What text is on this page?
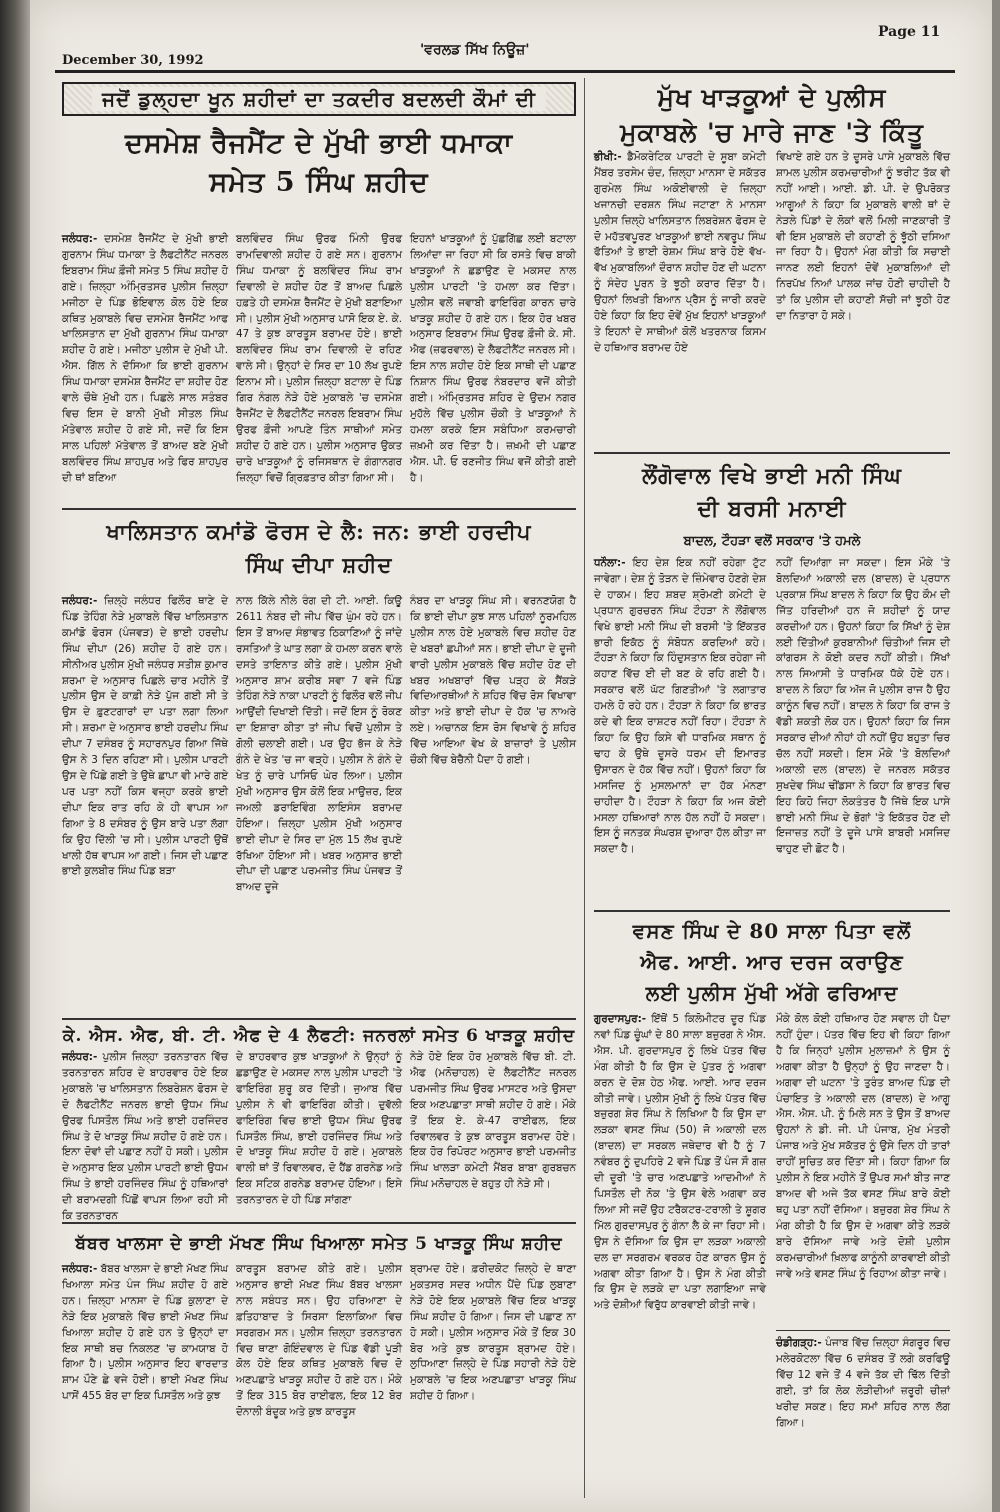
December 30, 1992
'ਵਰਲਡ ਸਿੱਖ ਨਿਊਜ਼'
Page 11
ਜਦੋਂ ਡੁਲ੍ਹਦਾ ਖੂਨ ਸ਼ਹੀਦਾਂ ਦਾ ਤਕਦੀਰ ਬਦਲਦੀ ਕੌਮਾਂ ਦੀ
ਦਸਮੇਸ਼ ਰੈਜਮੈਂਟ ਦੇ ਮੁੱਖੀ ਭਾਈ ਧਮਾਕਾ
ਸਮੇਤ 5 ਸਿੰਘ ਸ਼ਹੀਦ
ਜਲੰਧਰ:- ਦਸਮੇਸ਼ ਰੈਜਮੈਂਟ ਦੇ ਮੁੱਖੀ ਭਾਈ ਗੁਰਨਾਮ ਸਿੰਘ ਧਮਾਕਾ ਤੇ ਲੈਫਟੀਨੈਂਟ ਜਨਰਲ ਇਬਰਾਮ ਸਿੰਘ ਫ਼ੌਜੀ ਸਮੇਤ 5 ਸਿੰਘ ਸ਼ਹੀਦ ਹੋ ਗਏ। ਜ਼ਿਲ੍ਹਾ ਅੰਮ੍ਰਿਤਸਰ ਪੁਲੀਸ ਜ਼ਿਲ੍ਹਾ ਮਜੀਠਾ ਦੇ ਪਿੰਡ ਭੋਇਵਾਲ ਕੋਲ ਹੋਏ ਇਕ ਕਥਿਤ ਮੁਕਾਬਲੇ ਵਿਚ ਦਸਮੇਸ਼ ਰੈਜਮੈਂਟ ਆਫ ਖਾਲਿਸਤਾਨ ਦਾ ਮੁੱਖੀ ਗੁਰਨਾਮ ਸਿੰਘ ਧਮਾਕਾ ਸ਼ਹੀਦ ਹੋ ਗਏ। ਮਜੀਠਾ ਪੁਲੀਸ ਦੇ ਮੁੱਖੀ ਪੀ. ਐਸ. ਗਿੱਲ ਨੇ ਦੱਸਿਆ ਕਿ ਭਾਈ ਗੁਰਨਾਮ ਸਿੰਘ ਧਮਾਕਾ ਦਸਮੇਸ਼ ਰੈਜਮੈਂਟ ਦਾ ਸ਼ਹੀਦ ਹੋਣ ਵਾਲੇ ਚੌਥੇ ਮੁੱਖੀ ਹਨ। ਪਿਛਲੇ ਸਾਲ ਸਤੰਬਰ ਵਿਚ ਇਸ ਦੇ ਬਾਨੀ ਮੁੱਖੀ ਸੀਤਲ ਸਿੰਘ ਮੱਤੇਵਾਲ ਸ਼ਹੀਦ ਹੋ ਗਏ ਸੀ, ਜਦੋਂ ਕਿ ਇਸ ਸਾਲ ਪਹਿਲਾਂ ਮੱਤੇਵਾਲ ਤੋਂ ਬਾਅਦ ਬਣੇ ਮੁੱਖੀ ਬਲਵਿੰਦਰ ਸਿੰਘ ਸ਼ਾਹਪੁਰ ਅਤੇ ਫਿਰ ਸ਼ਾਹਪੁਰ ਦੀ ਥਾਂ ਬਣਿਆ
ਬਲਵਿੰਦਰ ਸਿੰਘ ਉਰਫ ਮਿੰਨੀ ਉਰਫ ਰਾਮਦਿਵਾਲੀ ਸ਼ਹੀਦ ਹੋ ਗਏ ਸਨ। ਗੁਰਨਾਮ ਸਿੰਘ ਧਮਾਕਾ ਨੂੰ ਬਲਵਿੰਦਰ ਸਿੰਘ ਰਾਮ ਦਿਵਾਲੀ ਦੇ ਸ਼ਹੀਦ ਹੋਣ ਤੋਂ ਬਾਅਦ ਪਿਛਲੇ ਹਫ਼ਤੇ ਹੀ ਦਸਮੇਸ਼ ਰੈਜਮੈਂਟ ਦੇ ਮੁੱਖੀ ਬਣਾਇਆ ਸੀ। ਪੁਲੀਸ ਮੁੱਖੀ ਅਨੁਸਾਰ ਪਾਸੋ ਇਕ ਏ. ਕੇ. 47 ਤੇ ਕੁਝ ਕਾਰਤੂਸ ਬਰਾਮਦ ਹੋਏ। ਭਾਈ ਬਲਵਿੰਦਰ ਸਿੰਘ ਰਾਮ ਦਿਵਾਲੀ ਦੇ ਰਹਿਣ ਵਾਲੇ ਸੀ। ਉਨ੍ਹਾਂ ਦੇ ਸਿਰ ਦਾ 10 ਲੱਖ ਰੁਪਏ ਇਨਾਮ ਸੀ। ਪੁਲੀਸ ਜ਼ਿਲ੍ਹਾ ਬਟਾਲਾ ਦੇ ਪਿੰਡ ਗਿਰ ਨੰਗਲ ਨੇੜੇ ਹੋਏ ਮੁਕਾਬਲੇ 'ਚ ਦਸਮੇਸ਼ ਰੈਜਮੈਂਟ ਦੇ ਲੈਫਟੀਨੈਂਟ ਜਨਰਲ ਇਬਰਾਮ ਸਿੰਘ ਉਰਫ ਫ਼ੌਜੀ ਆਪਣੇ ਤਿੰਨ ਸਾਥੀਆਂ ਸਮੇਤ ਸ਼ਹੀਦ ਹੋ ਗਏ ਹਨ। ਪੁਲੀਸ ਅਨੁਸਾਰ ਉਕਤ ਚਾਰੇ ਖਾੜਕੂਆਂ ਨੂੰ ਰਜਿਸਥਾਨ ਦੇ ਗੰਗਾਨਗਰ ਜ਼ਿਲ੍ਹਾ ਵਿਚੋਂ ਗ੍ਰਿਫ਼ਤਾਰ ਕੀਤਾ ਗਿਆ ਸੀ।
ਇਹਨਾਂ ਖਾੜਕੂਆਂ ਨੂੰ ਪੁੱਛਗਿੱਛ ਲਈ ਬਟਾਲਾ ਲਿਆਂਦਾ ਜਾ ਰਿਹਾ ਸੀ ਕਿ ਰਸਤੇ ਵਿਚ ਬਾਕੀ ਖਾੜਕੂਆਂ ਨੇ ਛਡਾਉਣ ਦੇ ਮਕਸਦ ਨਾਲ ਪੁਲੀਸ ਪਾਰਟੀ 'ਤੇ ਹਮਲਾ ਕਰ ਦਿੱਤਾ। ਪੁਲੀਸ ਵਲੋਂ ਜਵਾਬੀ ਫਾਇਰਿੰਗ ਕਾਰਨ ਚਾਰੇ ਖਾੜਕੂ ਸ਼ਹੀਦ ਹੋ ਗਏ ਹਨ। ਇਕ ਹੋਰ ਖਬਰ ਅਨੁਸਾਰ ਇਬਰਾਮ ਸਿੰਘ ਉਰਫ ਫ਼ੌਜੀ ਕੇ. ਸੀ. ਐਫ (ਜ਼ਫਰਵਾਲ) ਦੇ ਲੈਫਟੀਨੈਂਟ ਜਨਰਲ ਸੀ। ਇਸ ਨਾਲ ਸ਼ਹੀਦ ਹੋਏ ਇਕ ਸਾਥੀ ਦੀ ਪਛਾਣ ਨਿਸ਼ਾਨ ਸਿੰਘ ਉਰਫ ਨੰਬਰਦਾਰ ਵਜੋਂ ਕੀਤੀ ਗਈ। ਅੰਮ੍ਰਿਤਸਰ ਸ਼ਹਿਰ ਦੇ ਉਦਮ ਨਗਰ ਮੁਹੱਲੇ ਵਿੱਚ ਪੁਲੀਸ ਚੌਕੀ ਤੇ ਖਾੜਕੂਆਂ ਨੇ ਹਮਲਾ ਕਰਕੇ ਇਸ ਸਬੰਧਿਆ ਕਰਮਚਾਰੀ ਜ਼ਖ਼ਮੀ ਕਰ ਦਿੱਤਾ ਹੈ। ਜ਼ਖ਼ਮੀ ਦੀ ਪਛਾਣ ਐਸ. ਪੀ. ਓ ਰਣਜੀਤ ਸਿੰਘ ਵਜੋਂ ਕੀਤੀ ਗਈ ਹੈ।
ਖਾਲਿਸਤਾਨ ਕਮਾਂਡੋ ਫੋਰਸ ਦੇ ਲੈ: ਜਨ: ਭਾਈ ਹਰਦੀਪ
ਸਿੰਘ ਦੀਪਾ ਸ਼ਹੀਦ
ਜਲੰਧਰ:- ਜ਼ਿਲ੍ਹੇ ਜਲੰਧਰ ਫਿਲੌਰ ਥਾਣੇ ਦੇ ਪਿੰਡ ਤੇਹਿੰਗ ਨੇੜੇ ਮੁਕਾਬਲੇ ਵਿੱਚ ਖਾਲਿਸਤਾਨ ਕਮਾਂਡੋ ਫੋਰਸ (ਪੰਜਵੜ) ਦੇ ਭਾਈ ਹਰਦੀਪ ਸਿੰਘ ਦੀਪਾ (26) ਸ਼ਹੀਦ ਹੋ ਗਏ ਹਨ। ਸੀਨੀਅਰ ਪੁਲੀਸ ਮੁੱਖੀ ਜਲੰਧਰ ਸਤੀਸ਼ ਕੁਮਾਰ ਸ਼ਰਮਾ ਦੇ ਅਨੁਸਾਰ ਪਿਛਲੇ ਚਾਰ ਮਹੀਨੇ ਤੋਂ ਪੁਲੀਸ ਉਸ ਦੇ ਕਾਫ਼ੀ ਨੇੜੇ ਪੁੱਜ ਗਈ ਸੀ ਤੇ ਉਸ ਦੇ ਫ਼ੁਣਟਗਾਰਾਂ ਦਾ ਪਤਾ ਲਗਾ ਲਿਆ ਸੀ। ਸ਼ਰਮਾ ਦੇ ਅਨੁਸਾਰ ਭਾਈ ਹਰਦੀਪ ਸਿੰਘ ਦੀਪਾ 7 ਦਸੰਬਰ ਨੂੰ ਸਹਾਰਨਪੁਰ ਗਿਆ ਜਿੱਥੇ ਉਸ ਨੇ 3 ਦਿਨ ਰਹਿਣਾ ਸੀ। ਪੁਲੀਸ ਪਾਰਟੀ ਉਸ ਦੇ ਪਿੱਛੇ ਗਈ ਤੇ ਉਥੇ ਛਾਪਾ ਵੀ ਮਾਰੇ ਗਏ ਪਰ ਪਤਾ ਨਹੀਂ ਕਿਸ ਵਜ੍ਹਾ ਕਰਕੇ ਭਾਈ ਦੀਪਾ ਇਕ ਰਾਤ ਰਹਿ ਕੇ ਹੀ ਵਾਪਸ ਆ ਗਿਆ ਤੇ 8 ਦਸੰਬਰ ਨੂੰ ਉਸ ਬਾਰੇ ਪਤਾ ਲੱਗਾ ਕਿ ਉਹ ਦਿੱਲੀ 'ਚ ਸੀ। ਪੁਲੀਸ ਪਾਰਟੀ ਉਥੋਂ ਖਾਲੀ ਹੱਥ ਵਾਪਸ ਆ ਗਈ। ਜਿਸ ਦੀ ਪਛਾਣ ਭਾਈ ਕੁਲਬੀਰ ਸਿੰਘ ਪਿੰਡ ਬੜਾ
ਨਾਲ ਕਿੱਲੇ ਨੀਲੇ ਰੰਗ ਦੀ ਟੀ. ਆਈ. ਕਿਊ 2611 ਨੰਬਰ ਦੀ ਜੀਪ ਵਿੱਚ ਘੁੰਮ ਰਹੇ ਹਨ। ਇਸ ਤੋਂ ਬਾਅਦ ਸੰਭਾਵਤ ਠਿਕਾਣਿਆਂ ਨੂੰ ਜਾਂਦੇ ਰਸਤਿਆਂ ਤੇ ਘਾਤ ਲਗਾ ਕੇ ਹਮਲਾ ਕਰਨ ਵਾਲੇ ਦਸਤੇ ਤਾਇਨਾਤ ਕੀਤੇ ਗਏ। ਪੁਲੀਸ ਮੁੱਖੀ ਅਨੁਸਾਰ ਸ਼ਾਮ ਕਰੀਬ ਸਵਾ 7 ਵਜੇ ਪਿੰਡ ਤੇਹਿੰਗ ਨੇੜੇ ਨਾਕਾ ਪਾਰਟੀ ਨੂੰ ਫਿਲੌਰ ਵਲੋਂ ਜੀਪ ਆਉਂਦੀ ਦਿਖਾਈ ਦਿੱਤੀ। ਜਦੋਂ ਇਸ ਨੂੰ ਰੋਕਣ ਦਾ ਇਸ਼ਾਰਾ ਕੀਤਾ ਤਾਂ ਜੀਪ ਵਿਚੋਂ ਪੁਲੀਸ ਤੇ ਗੋਲੀ ਚਲਾਈ ਗਈ। ਪਰ ਉਹ ਭੱਜ ਕੇ ਨੇੜੇ ਗੰਨੇ ਦੇ ਖੇਤ 'ਚ ਜਾ ਵੜ੍ਹੇ। ਪੁਲੀਸ ਨੇ ਗੰਨੇ ਦੇ ਖੇਤ ਨੂੰ ਚਾਰੇ ਪਾਸਿਓ ਘੇਰ ਲਿਆ। ਪੁਲੀਸ ਮੁੱਖੀ ਅਨੁਸਾਰ ਉਸ ਕੋਲੋਂ ਇਕ ਮਾਉਜ਼ਰ, ਇਕ ਜਅਲੀ ਡਰਾਇਵਿੰਗ ਲਾਇਸੰਸ ਬਰਾਮਦ ਹੋਇਆ। ਜ਼ਿਲ੍ਹਾ ਪੁਲੀਸ ਮੁੱਖੀ ਅਨੁਸਾਰ ਭਾਈ ਦੀਪਾ ਦੇ ਸਿਰ ਦਾ ਮੁੱਲ 15 ਲੱਖ ਰੁਪਏ ਰੱਖਿਆ ਹੋਇਆ ਸੀ। ਖਬਰ ਅਨੁਸਾਰ ਭਾਈ ਦੀਪਾ ਦੀ ਪਛਾਣ ਪਰਮਜੀਤ ਸਿੰਘ ਪੰਜਵੜ ਤੋਂ ਬਾਅਦ ਦੂਜੇ
ਨੰਬਰ ਦਾ ਖਾੜਕੂ ਸਿੰਘ ਸੀ। ਵਰਨਣਯੋਗ ਹੈ ਕਿ ਭਾਈ ਦੀਪਾ ਕੁਝ ਸਾਲ ਪਹਿਲਾਂ ਨੂਰਮਹਿਲ ਪੁਲੀਸ ਨਾਲ ਹੋਏ ਮੁਕਾਬਲੇ ਵਿਚ ਸ਼ਹੀਦ ਹੋਣ ਦੇ ਖਬਰਾਂ ਛਪੀਆਂ ਸਨ। ਭਾਈ ਦੀਪਾ ਦੇ ਦੂਜੀ ਵਾਰੀ ਪੁਲੀਸ ਮੁਕਾਬਲੇ ਵਿੱਚ ਸ਼ਹੀਦ ਹੋਣ ਦੀ ਖਬਰ ਅਖਬਾਰਾਂ ਵਿੱਚ ਪੜ੍ਹ ਕੇ ਸੈਂਕੜੇ ਵਿਦਿਆਰਥੀਆਂ ਨੇ ਸ਼ਹਿਰ ਵਿੱਚ ਰੋਸ ਵਿਖਾਵਾ ਕੀਤਾ ਅਤੇ ਭਾਈ ਦੀਪਾ ਦੇ ਹੱਕ 'ਚ ਨਾਅਰੇ ਲਏ। ਅਚਾਨਕ ਇਸ ਰੋਸ ਵਿਖਾਵੇ ਨੂੰ ਸ਼ਹਿਰ ਵਿੱਚ ਆਇਆ ਵੇਖ ਕੇ ਬਾਜ਼ਾਰਾਂ ਤੇ ਪੁਲੀਸ ਚੌਕੀ ਵਿੱਚ ਬੇਚੈਨੀ ਪੈਦਾ ਹੋ ਗਈ।
ਕੇ. ਐਸ. ਐਫ, ਬੀ. ਟੀ. ਐਫ ਦੇ 4 ਲੈਫਟੀ: ਜਨਰਲਾਂ ਸਮੇਤ 6 ਖਾੜਕੂ ਸ਼ਹੀਦ
ਜਲੰਧਰ:- ਪੁਲੀਸ ਜ਼ਿਲ੍ਹਾ ਤਰਨਤਾਰਨ ਵਿੱਚ ਤਰਨਤਾਰਨ ਸ਼ਹਿਰ ਦੇ ਬਾਹਰਵਾਰ ਹੋਏ ਇਕ ਮੁਕਾਬਲੇ 'ਚ ਖਾਲਿਸਤਾਨ ਲਿਬਰੇਸ਼ਨ ਫੋਰਸ ਦੇ ਦੋ ਲੈਫਟੀਨੈਂਟ ਜਨਰਲ ਭਾਈ ਉਧਮ ਸਿੰਘ ਉਰਫ ਪਿਸਤੌਲ ਸਿੰਘ ਅਤੇ ਭਾਈ ਹਰਜਿੰਦਰ ਸਿੰਘ ਤੇ ਦੋ ਖਾੜਕੂ ਸਿੰਘ ਸ਼ਹੀਦ ਹੋ ਗਏ ਹਨ। ਇਨਾ ਦੋਵਾਂ ਦੀ ਪਛਾਣ ਨਹੀਂ ਹੋ ਸਕੀ। ਪੁਲੀਸ ਦੇ ਅਨੁਸਾਰ ਇਕ ਪੁਲੀਸ ਪਾਰਟੀ ਭਾਈ ਉਧਮ ਸਿੰਘ ਤੇ ਭਾਈ ਹਰਜਿੰਦਰ ਸਿੰਘ ਨੂੰ ਹਥਿਆਰਾਂ ਦੀ ਬਰਾਮਦਗੀ ਪਿੱਛੋਂ ਵਾਪਸ ਲਿਆ ਰਹੀ ਸੀ ਕਿ ਤਰਨਤਾਰਨ
ਦੇ ਬਾਹਰਵਾਰ ਕੁਝ ਖਾੜਕੂਆਂ ਨੇ ਉਨ੍ਹਾਂ ਨੂੰ ਛਡਾਉਣ ਦੇ ਮਕਸਦ ਨਾਲ ਪੁਲੀਸ ਪਾਰਟੀ 'ਤੇ ਫਾਇਰਿੰਗ ਸ਼ੁਰੂ ਕਰ ਦਿੱਤੀ। ਜੁਆਬ ਵਿੱਚ ਪੁਲੀਸ ਨੇ ਵੀ ਫਾਇਰਿੰਗ ਕੀਤੀ। ਦੁਵੱਲੀ ਫਾਇਰਿੰਗ ਵਿਚ ਭਾਈ ਉਧਮ ਸਿੰਘ ਉਰਫ ਪਿਸਤੌਲ ਸਿੰਘ, ਭਾਈ ਹਰਜਿੰਦਰ ਸਿੰਘ ਅਤੇ ਦੋ ਖਾੜਕੂ ਸਿੰਘ ਸ਼ਹੀਦ ਹੋ ਗਏ। ਮੁਕਾਬਲੇ ਵਾਲੀ ਥਾਂ ਤੋਂ ਰਿਵਾਲਵਰ, ਦੋ ਹੈਂਡ ਗਰਨੇਡ ਅਤੇ ਇਕ ਸਟਿਕ ਗਰਨੇਡ ਬਰਾਮਦ ਹੋਇਆ। ਇਸੇ ਤਰਨਤਾਰਨ ਦੇ ਹੀ ਪਿੰਡ ਸਾਂਗਣਾ
ਨੇੜੇ ਹੋਏ ਇਕ ਹੋਰ ਮੁਕਾਬਲੇ ਵਿੱਚ ਬੀ. ਟੀ. ਐਫ (ਮਨੋਚਾਹਲ) ਦੇ ਲੈਫਟੀਨੈਂਟ ਜਨਰਲ ਪਰਮਜੀਤ ਸਿੰਘ ਉਰਫ ਮਾਸਟਰ ਅਤੇ ਉਸਦਾ ਇਕ ਅਣਪਛਾਤਾ ਸਾਥੀ ਸ਼ਹੀਦ ਹੋ ਗਏ। ਮੌਕੇ ਤੋਂ ਇਕ ਏ. ਕੇ-47 ਰਾਈਫਲ, ਇਕ ਰਿਵਾਲਵਰ ਤੇ ਕੁਝ ਕਾਰਤੂਸ ਬਰਾਮਦ ਹੋਏ। ਇਕ ਹੋਰ ਰਿਪੋਰਟ ਅਨੁਸਾਰ ਭਾਈ ਪਰਮਜੀਤ ਸਿੰਘ ਖਾਲੜਾ ਕਮੇਟੀ ਮੈਂਬਰ ਬਾਬਾ ਗੁਰਬਚਨ ਸਿੰਘ ਮਨੋਚਾਹਲ ਦੇ ਬਹੁਤ ਹੀ ਨੇੜੇ ਸੀ।
ਬੱਬਰ ਖਾਲਸਾ ਦੇ ਭਾਈ ਮੱਖਣ ਸਿੰਘ ਖਿਆਲਾ ਸਮੇਤ 5 ਖਾੜਕੂ ਸਿੰਘ ਸ਼ਹੀਦ
ਜਲੰਧਰ:- ਬੱਬਰ ਖਾਲਸਾ ਦੇ ਭਾਈ ਮੱਖਣ ਸਿੰਘ ਖਿਆਲਾ ਸਮੇਤ ਪੰਜ ਸਿੰਘ ਸ਼ਹੀਦ ਹੋ ਗਏ ਹਨ। ਜ਼ਿਲ੍ਹਾ ਮਾਨਸਾ ਦੇ ਪਿੰਡ ਕੁਲਾਣਾ ਦੇ ਨੇੜੇ ਇਕ ਮੁਕਾਬਲੇ ਵਿੱਚ ਭਾਈ ਮੱਖਣ ਸਿੰਘ ਖਿਆਲਾ ਸ਼ਹੀਦ ਹੋ ਗਏ ਹਨ ਤੇ ਉਨ੍ਹਾਂ ਦਾ ਇਕ ਸਾਥੀ ਬਚ ਨਿਕਲਣ 'ਚ ਕਾਮਯਾਬ ਹੋ ਗਿਆ ਹੈ। ਪੁਲੀਸ ਅਨੁਸਾਰ ਇਹ ਵਾਰਦਾਤ ਸ਼ਾਮ ਪੌਣੇ ਛੇ ਵਜੇ ਹੋਈ। ਭਾਈ ਮੱਖਣ ਸਿੰਘ ਪਾਸੋਂ 455 ਬੋਰ ਦਾ ਇਕ ਪਿਸਤੌਲ ਅਤੇ ਕੁਝ
ਕਾਰਤੂਸ ਬਰਾਮਦ ਕੀਤੇ ਗਏ। ਪੁਲੀਸ ਅਨੁਸਾਰ ਭਾਈ ਮੱਖਣ ਸਿੰਘ ਬੱਬਰ ਖਾਲਸਾ ਨਾਲ ਸਬੰਧਤ ਸਨ। ਉਹ ਹਰਿਆਣਾ ਦੇ ਫ਼ਤਿਹਾਬਾਦ ਤੇ ਸਿਰਸਾ ਇਲਾਕਿਆ ਵਿਚ ਸਰਗਰਮ ਸਨ। ਪੁਲੀਸ ਜ਼ਿਲ੍ਹਾ ਤਰਨਤਾਰਨ ਵਿਚ ਥਾਣਾ ਗੋਇੰਦਵਾਲ ਦੇ ਪਿੰਡ ਵੱਡੀ ਪੂੜੀ ਕੋਲ ਹੋਏ ਇਕ ਕਥਿਤ ਮੁਕਾਬਲੇ ਵਿਚ ਦੋ ਅਣਪਛਾਤੇ ਖਾੜਕੂ ਸ਼ਹੀਦ ਹੋ ਗਏ ਹਨ। ਮੌਕੇ ਤੋਂ ਇਕ 315 ਬੋਰ ਰਾਈਫਲ, ਇਕ 12 ਬੋਰ ਦੋਨਾਲੀ ਬੰਦੂਕ ਅਤੇ ਕੁਝ ਕਾਰਤੂਸ
ਬ੍ਰਾਮਦ ਹੋਏ। ਫ਼ਰੀਦਕੋਟ ਜ਼ਿਲ੍ਹੇ ਦੇ ਥਾਣਾ ਮੁਕਤਸਰ ਸਦਰ ਅਧੀਨ ਪੈਂਦੇ ਪਿੰਡ ਲੁਬਾਣਾ ਨੇੜੇ ਹੋਏ ਇਕ ਮੁਕਾਬਲੇ ਵਿੱਚ ਇਕ ਖਾੜਕੂ ਸਿੰਘ ਸ਼ਹੀਦ ਹੋ ਗਿਆ। ਜਿਸ ਦੀ ਪਛਾਣ ਨਾ ਹੋ ਸਕੀ। ਪੁਲੀਸ ਅਨੁਸਾਰ ਮੌਕੇ ਤੋਂ ਇਕ 30 ਬੋਰ ਅਤੇ ਕੁਝ ਕਾਰਤੂਸ ਬ੍ਰਾਮਦ ਹੋਏ। ਲੁਧਿਆਣਾ ਜ਼ਿਲ੍ਹੇ ਦੇ ਪਿੰਡ ਸਹਾਰੀ ਨੇੜੇ ਹੋਏ ਮੁਕਾਬਲੇ 'ਚ ਇਕ ਅਣਪਛਾਤਾ ਖਾੜਕੂ ਸਿੰਘ ਸ਼ਹੀਦ ਹੋ ਗਿਆ।
ਮੁੱਖ ਖਾੜਕੂਆਂ ਦੇ ਪੁਲੀਸ
ਮੁਕਾਬਲੇ 'ਚ ਮਾਰੇ ਜਾਣ 'ਤੇ ਕਿੰਤੂ
ਭੀਖੀ:- ਡੈਮੋਕਰੇਟਿਕ ਪਾਰਟੀ ਦੇ ਸੂਬਾ ਕਮੇਟੀ ਮੈਂਬਰ ਤਰਸੇਮ ਚੰਦ, ਜ਼ਿਲ੍ਹਾ ਮਾਨਸਾ ਦੇ ਸਕੱਤਰ ਗੁਰਮੇਲ ਸਿੰਘ ਅਕੋਈਵਾਲੀ ਦੇ ਜ਼ਿਲ੍ਹਾ ਖਜਾਨਚੀ ਦਰਸ਼ਨ ਸਿੰਘ ਜਟਾਣਾ ਨੇ ਮਾਨਸਾ ਪੁਲੀਸ ਜ਼ਿਲ੍ਹੇ ਖਾਲਿਸਤਾਨ ਲਿਬਰੇਸ਼ਨ ਫੋਰਸ ਦੇ ਦੋ ਮਹੱਤਵਪੂਰਣ ਖਾੜਕੂਆਂ ਭਾਈ ਨਵਰੂਪ ਸਿੰਘ ਫੱਤਿਆਂ ਤੇ ਭਾਈ ਰੇਸ਼ਮ ਸਿੰਘ ਬਾਰੇ ਹੋਏ ਵੱਖ-ਵੱਖ ਮੁਕਾਬਲਿਆਂ ਦੌਰਾਨ ਸ਼ਹੀਦ ਹੋਣ ਦੀ ਘਟਨਾ ਨੂੰ ਸੰਦੇਹ ਪੂਰਨ ਤੇ ਝੂਠੀ ਕਰਾਰ ਦਿੱਤਾ ਹੈ। ਉਹਨਾਂ ਲਿਖਤੀ ਬਿਆਨ ਪ੍ਰੈਸ ਨੂੰ ਜਾਰੀ ਕਰਦੇ ਹੋਏ ਕਿਹਾ ਕਿ ਇਹ ਦੋਵੇਂ ਮੁੱਖ ਇਹਨਾਂ ਖਾੜਕੂਆਂ ਤੇ ਇਹਨਾਂ ਦੇ ਸਾਥੀਆਂ ਕੋਲੋਂ ਖਤਰਨਾਕ ਕਿਸਮ ਦੇ ਹਥਿਆਰ ਬਰਾਮਦ ਹੋਏ
ਵਿਖਾਏ ਗਏ ਹਨ ਤੇ ਦੂਸਰੇ ਪਾਸੇ ਮੁਕਾਬਲੇ ਵਿੱਚ ਸ਼ਾਮਲ ਪੁਲੀਸ ਕਰਮਚਾਰੀਆਂ ਨੂੰ ਝਰੀਟ ਤੱਕ ਵੀ ਨਹੀਂ ਆਈ। ਆਈ. ਡੀ. ਪੀ. ਦੇ ਉਪਰੋਕਤ ਆਗੂਆਂ ਨੇ ਕਿਹਾ ਕਿ ਮੁਕਾਬਲੇ ਵਾਲੀ ਥਾਂ ਦੇ ਨੇੜਲੇ ਪਿੰਡਾਂ ਦੇ ਲੋਕਾਂ ਵਲੋਂ ਮਿਲੀ ਜਾਣਕਾਰੀ ਤੋਂ ਵੀ ਇਸ ਮੁਕਾਬਲੇ ਦੀ ਕਹਾਣੀ ਨੂੰ ਝੂੱਠੀ ਦਸਿਆ ਜਾ ਰਿਹਾ ਹੈ। ਉਹਨਾਂ ਮੰਗ ਕੀਤੀ ਕਿ ਸਚਾਈ ਜਾਨਣ ਲਈ ਇਹਨਾਂ ਦੋਵੇਂ ਮੁਕਾਬਲਿਆਂ ਦੀ ਨਿਰਪੱਖ ਨਿਆਂ ਪਾਲਕ ਜਾਂਚ ਹੋਣੀ ਚਾਹੀਦੀ ਹੈ ਤਾਂ ਕਿ ਪੁਲੀਸ ਦੀ ਕਹਾਣੀ ਸੱਚੀ ਜਾਂ ਝੂਠੀ ਹੋਣ ਦਾ ਨਿਤਾਰਾ ਹੋ ਸਕੇ।
ਲੌਂਗੋਵਾਲ ਵਿਖੇ ਭਾਈ ਮਨੀ ਸਿੰਘ
ਦੀ ਬਰਸੀ ਮਨਾਈ
ਬਾਦਲ, ਟੌਹੜਾ ਵਲੋਂ ਸਰਕਾਰ 'ਤੇ ਹਮਲੇ
ਧਨੌਲਾ:- ਇਹ ਦੇਸ਼ ਇਕ ਨਹੀਂ ਰਹੇਗਾ ਟੁੱਟ ਜਾਵੇਗਾ। ਦੇਸ਼ ਨੂੰ ਤੋੜਨ ਦੇ ਜ਼ਿੰਮੇਵਾਰ ਹੋਣਗੇ ਦੇਸ਼ ਦੇ ਹਾਕਮ। ਇਹ ਸ਼ਬਦ ਸ਼੍ਰੋਮਣੀ ਕਮੇਟੀ ਦੇ ਪ੍ਰਧਾਨ ਗੁਰਚਰਨ ਸਿੰਘ ਟੌਹੜਾ ਨੇ ਲੌਂਗੋਵਾਲ ਵਿਖੇ ਭਾਈ ਮਨੀ ਸਿੰਘ ਦੀ ਬਰਸੀ 'ਤੇ ਇੱਕਤਰ ਭਾਰੀ ਇਕੱਠ ਨੂੰ ਸੰਬੋਧਨ ਕਰਦਿਆਂ ਕਹੇ। ਟੌਹੜਾ ਨੇ ਕਿਹਾ ਕਿ ਹਿੰਦੁਸਤਾਨ ਇਕ ਰਹੇਗਾ ਜੀ ਕਹਾਣ ਵਿੱਚ ਈ ਦੀ ਬਣ ਕੇ ਰਹਿ ਗਈ ਹੈ। ਸਰਕਾਰ ਵਲੋਂ ਘੱਟ ਗਿਣਤੀਆਂ 'ਤੇ ਲਗਾਤਾਰ ਹਮਲੇ ਹੋ ਰਹੇ ਹਨ। ਟੌਹੜਾ ਨੇ ਕਿਹਾ ਕਿ ਭਾਰਤ ਕਦੇ ਵੀ ਇਕ ਰਾਸ਼ਟਰ ਨਹੀਂ ਰਿਹਾ। ਟੌਹੜਾ ਨੇ ਕਿਹਾ ਕਿ ਉਹ ਕਿਸੇ ਵੀ ਧਾਰਮਿਕ ਸਥਾਨ ਨੂੰ ਢਾਹ ਕੇ ਉਥੇ ਦੂਸਰੇ ਧਰਮ ਦੀ ਇਮਾਰਤ ਉਸਾਰਨ ਦੇ ਹੱਕ ਵਿੱਚ ਨਹੀਂ। ਉਹਨਾਂ ਕਿਹਾ ਕਿ ਮਸਜਿਦ ਨੂੰ ਮੁਸਲਮਾਨਾਂ ਦਾ ਹੱਕ ਮੰਨਣਾ ਚਾਹੀਦਾ ਹੈ। ਟੌਹੜਾ ਨੇ ਕਿਹਾ ਕਿ ਅਜ ਕੋਈ ਮਸਲਾ ਹਥਿਆਰਾਂ ਨਾਲ ਹੱਲ ਨਹੀਂ ਹੋ ਸਕਦਾ। ਇਸ ਨੂੰ ਜਨਤਕ ਸੰਘਰਸ਼ ਦੁਆਰਾ ਹੱਲ ਕੀਤਾ ਜਾ ਸਕਦਾ ਹੈ।
ਨਹੀਂ ਦਿਆਂਗਾ ਜਾ ਸਕਦਾ। ਇਸ ਮੌਕੇ 'ਤੇ ਬੋਲਦਿਆਂ ਅਕਾਲੀ ਦਲ (ਬਾਦਲ) ਦੇ ਪ੍ਰਧਾਨ ਪ੍ਰਕਾਸ਼ ਸਿੰਘ ਬਾਦਲ ਨੇ ਕਿਹਾ ਕਿ ਉਹ ਕੌਮ ਦੀ ਜਿੱਤ ਹਰਿਦੀਆਂ ਹਨ ਜੋ ਸ਼ਹੀਦਾਂ ਨੂੰ ਯਾਦ ਕਰਦੀਆਂ ਹਨ। ਉਹਨਾਂ ਕਿਹਾ ਕਿ ਸਿੱਖਾਂ ਨੂੰ ਦੇਸ਼ ਲਈ ਦਿੱਤੀਆਂ ਕੁਰਬਾਨੀਆਂ ਚਿੰਤੀਆਂ ਜਿਸ ਦੀ ਕਾਂਗਰਸ ਨੇ ਕੋਈ ਕਦਰ ਨਹੀਂ ਕੀਤੀ। ਸਿੱਖਾਂ ਨਾਲ ਸਿਆਸੀ ਤੇ ਧਾਰਮਿਕ ਧੱਕੇ ਹੋਏ ਹਨ। ਬਾਦਲ ਨੇ ਕਿਹਾ ਕਿ ਅੱਜ ਜੋ ਪੁਲੀਸ ਰਾਜ ਹੈ ਉਹ ਕਾਨੂੰਨ ਵਿਚ ਨਹੀਂ। ਬਾਦਲ ਨੇ ਕਿਹਾ ਕਿ ਰਾਜ ਤੇ ਵੱਡੀ ਸ਼ਕਤੀ ਲੋਕ ਹਨ। ਉਹਨਾਂ ਕਿਹਾ ਕਿ ਜਿਸ ਸਰਕਾਰ ਦੀਆਂ ਨੀਹਾਂ ਹੀ ਨਹੀਂ ਉਹ ਬਹੁਤਾ ਚਿਰ ਚੱਲ ਨਹੀਂ ਸਕਦੀ। ਇਸ ਮੌਕੇ 'ਤੇ ਬੋਲਦਿਆਂ ਅਕਾਲੀ ਦਲ (ਬਾਦਲ) ਦੇ ਜਨਰਲ ਸਕੱਤਰ ਸੁਖਦੇਵ ਸਿੰਘ ਢੀਂਡਸਾ ਨੇ ਕਿਹਾ ਕਿ ਭਾਰਤ ਵਿਚ ਇਹ ਕਿਹੋ ਜਿਹਾ ਲੋਕਤੰਤਰ ਹੈ ਜਿੱਥੇ ਇਕ ਪਾਸੇ ਭਾਈ ਮਨੀ ਸਿੰਘ ਦੇ ਭੋਗਾਂ 'ਤੇ ਇਕੱਤਰ ਹੋਣ ਦੀ ਇਜਾਜ਼ਤ ਨਹੀਂ ਤੇ ਦੂਜੇ ਪਾਸੇ ਬਾਬਰੀ ਮਸਜਿਦ ਢਾਹੁਣ ਦੀ ਛੋਟ ਹੈ।
ਵਸਣ ਸਿੰਘ ਦੇ 80 ਸਾਲਾ ਪਿਤਾ ਵਲੋਂ
ਐਫ. ਆਈ. ਆਰ ਦਰਜ ਕਰਾਉਣ
ਲਈ ਪੁਲੀਸ ਮੁੱਖੀ ਅੱਗੇ ਫਰਿਆਦ
ਗੁਰਦਾਸਪੁਰ:- ਇੱਥੋਂ 5 ਕਿਲੋਮੀਟਰ ਦੂਰ ਪਿੰਡ ਨਵਾਂ ਪਿੰਡ ਚੂੰਘਾਂ ਦੇ 80 ਸਾਲਾ ਬਜ਼ੁਰਗ ਨੇ ਐਸ. ਐਸ. ਪੀ. ਗੁਰਦਾਸਪੁਰ ਨੂੰ ਲਿਖੇ ਪੱਤਰ ਵਿੱਚ ਮੰਗ ਕੀਤੀ ਹੈ ਕਿ ਉਸ ਦੇ ਪੁੱਤਰ ਨੂੰ ਅਗਵਾ ਕਰਨ ਦੇ ਦੋਸ਼ ਹੇਠ ਐਫ. ਆਈ. ਆਰ ਦਰਜ ਕੀਤੀ ਜਾਵੇ। ਪੁਲੀਸ ਮੁੱਖੀ ਨੂੰ ਲਿਖੇ ਪੱਤਰ ਵਿੱਚ ਬਜ਼ੁਰਗ ਸ਼ੇਰ ਸਿੰਘ ਨੇ ਲਿਖਿਆ ਹੈ ਕਿ ਉਸ ਦਾ ਲੜਕਾ ਵਸਣ ਸਿੰਘ (50) ਜੋ ਅਕਾਲੀ ਦਲ (ਬਾਦਲ) ਦਾ ਸਰਕਲ ਜਥੇਦਾਰ ਵੀ ਹੈ ਨੂੰ 7 ਨਵੰਬਰ ਨੂੰ ਦੁਪਹਿਰੇ 2 ਵਜੇ ਪਿੰਡ ਤੋਂ ਪੰਜ ਸੌ ਗਜ਼ ਦੀ ਦੂਰੀ 'ਤੇ ਚਾਰ ਅਣਪਛਾਤੇ ਆਦਮੀਆਂ ਨੇ ਪਿਸਤੌਲ ਦੀ ਨੋਕ 'ਤੇ ਉਸ ਵੇਲੇ ਅਗਵਾ ਕਰ ਲਿਆ ਸੀ ਜਦੋਂ ਉਹ ਟਰੈਕਟਰ-ਟਰਾਲੀ ਤੇ ਸ਼ੂਗਰ ਮਿੱਲ ਗੁਰਦਾਸਪੁਰ ਨੂੰ ਗੰਨਾ ਲੈ ਕੇ ਜਾ ਰਿਹਾ ਸੀ। ਉਸ ਨੇ ਦੱਸਿਆ ਕਿ ਉਸ ਦਾ ਲੜਕਾ ਅਕਾਲੀ ਦਲ ਦਾ ਸਰਗਰਮ ਵਰਕਰ ਹੋਣ ਕਾਰਨ ਉਸ ਨੂੰ ਅਗਵਾ ਕੀਤਾ ਗਿਆ ਹੈ। ਉਸ ਨੇ ਮੰਗ ਕੀਤੀ ਕਿ ਉਸ ਦੇ ਲੜਕੇ ਦਾ ਪਤਾ ਲਗਾਇਆ ਜਾਵੇ ਅਤੇ ਦੋਸ਼ੀਆਂ ਵਿਰੁੱਧ ਕਾਰਵਾਈ ਕੀਤੀ ਜਾਵੇ।
ਮੌਕੇ ਕੋਲ ਕੋਈ ਹਥਿਆਰ ਹੋਣ ਸਵਾਲ ਹੀ ਪੈਦਾ ਨਹੀਂ ਹੁੰਦਾ। ਪੱਤਰ ਵਿੱਚ ਇਹ ਵੀ ਕਿਹਾ ਗਿਆ ਹੈ ਕਿ ਜਿਨ੍ਹਾਂ ਪੁਲੀਸ ਮੁਲਾਜ਼ਮਾਂ ਨੇ ਉਸ ਨੂੰ ਅਗਵਾ ਕੀਤਾ ਹੈ ਉਨ੍ਹਾਂ ਨੂੰ ਉਹ ਜਾਣਦਾ ਹੈ। ਅਗਵਾ ਦੀ ਘਟਨਾ 'ਤੇ ਤੁਰੰਤ ਬਾਅਦ ਪਿੰਡ ਦੀ ਪੰਚਾਇਤ ਤੇ ਅਕਾਲੀ ਦਲ (ਬਾਦਲ) ਦੇ ਆਗੂ ਐਸ. ਐਸ. ਪੀ. ਨੂੰ ਮਿਲੇ ਸਨ ਤੇ ਉਸ ਤੋਂ ਬਾਅਦ ਉਹਨਾਂ ਨੇ ਡੀ. ਜੀ. ਪੀ ਪੰਜਾਬ, ਮੁੱਖ ਮੰਤਰੀ ਪੰਜਾਬ ਅਤੇ ਮੁੱਖ ਸਕੱਤਰ ਨੂੰ ਉਸੇ ਦਿਨ ਹੀ ਤਾਰਾਂ ਰਾਹੀਂ ਸੂਚਿਤ ਕਰ ਦਿੱਤਾ ਸੀ। ਕਿਹਾ ਗਿਆ ਕਿ ਪੁਲੀਸ ਨੇ ਇਕ ਮਹੀਨੇ ਤੋਂ ਉਪਰ ਸਮਾਂ ਬੀਤ ਜਾਣ ਬਾਅਦ ਵੀ ਅਜੇ ਤੱਕ ਵਸਣ ਸਿੰਘ ਬਾਰੇ ਕੋਈ ਥਹੁ ਪਤਾ ਨਹੀਂ ਦੱਸਿਆ। ਬਜ਼ੁਰਗ ਸ਼ੇਰ ਸਿੰਘ ਨੇ ਮੰਗ ਕੀਤੀ ਹੈ ਕਿ ਉਸ ਦੇ ਅਗਵਾ ਕੀਤੇ ਲੜਕੇ ਬਾਰੇ ਦੱਸਿਆ ਜਾਵੇ ਅਤੇ ਦੋਸ਼ੀ ਪੁਲੀਸ ਕਰਮਚਾਰੀਆਂ ਖ਼ਿਲਾਫ ਕਾਨੂੰਨੀ ਕਾਰਵਾਈ ਕੀਤੀ ਜਾਵੇ ਅਤੇ ਵਸਣ ਸਿੰਘ ਨੂੰ ਰਿਹਾਅ ਕੀਤਾ ਜਾਵੇ।
ਚੰਡੀਗੜ੍ਹ:- ਪੰਜਾਬ ਵਿੱਚ ਜ਼ਿਲ੍ਹਾ ਸੰਗਰੂਰ ਵਿਚ ਮਲੇਰਕੋਟਲਾ ਵਿੱਚ 6 ਦਸੰਬਰ ਤੋਂ ਲਗੇ ਕਰਫਿਊ ਵਿੱਚ 12 ਵਜੇ ਤੋਂ 4 ਵਜੇ ਤੱਕ ਦੀ ਢਿੱਲ ਦਿੱਤੀ ਗਈ, ਤਾਂ ਕਿ ਲੋਕ ਲੋੜੀਦੀਆਂ ਜ਼ਰੂਰੀ ਚੀਜ਼ਾਂ ਖਰੀਦ ਸਕਣ। ਇਹ ਸਮਾਂ ਸ਼ਹਿਰ ਨਾਲ ਲੱਗ ਗਿਆ।
